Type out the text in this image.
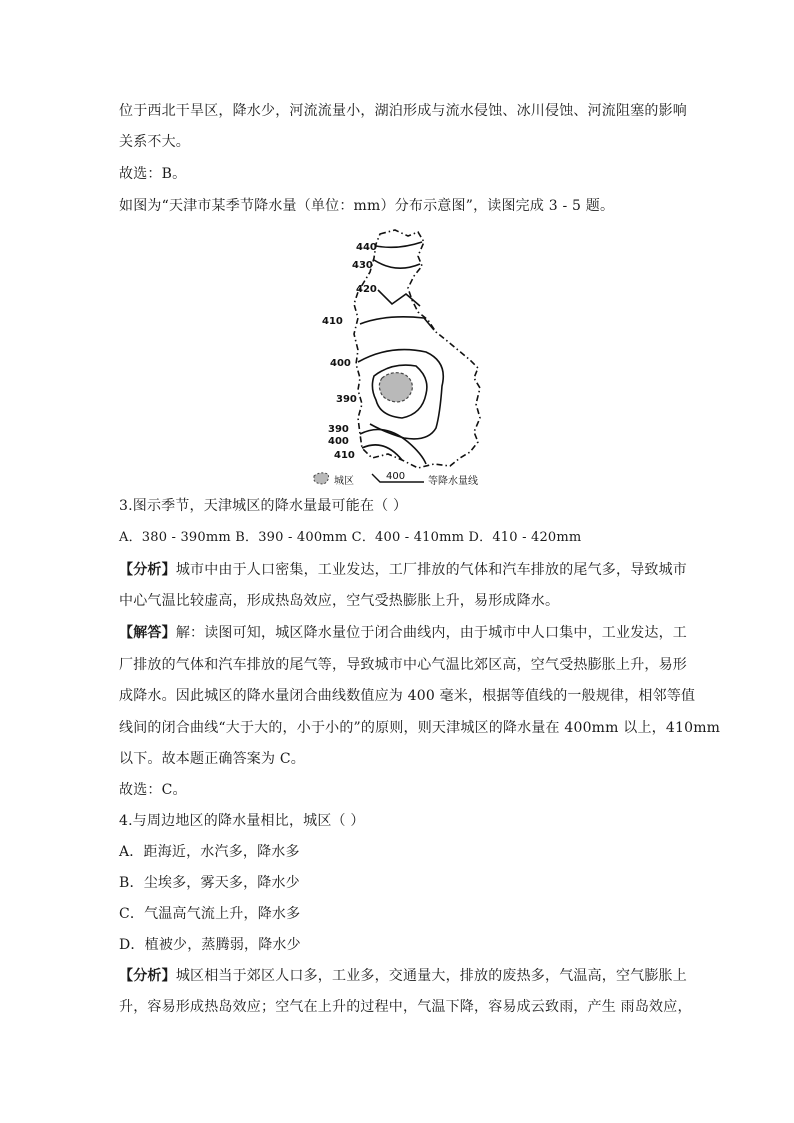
位于西北干旱区，降水少，河流流量小，湖泊形成与流水侵蚀、冰川侵蚀、河流阻塞的影响
关系不大。
故选：B。
如图为“天津市某季节降水量（单位：mm）分布示意图”，读图完成 3 - 5 题。
440
430
420
410
400
390
390
400
410
城区	400 等降水量线
3.图示季节，天津城区的降水量最可能在（ ）
A．380 - 390mm B．390 - 400mm C．400 - 410mm D．410 - 420mm
【分析】城市中由于人口密集，工业发达，工厂排放的气体和汽车排放的尾气多，导致城市
中心气温比较虚高，形成热岛效应，空气受热膨胀上升，易形成降水。
【解答】解：读图可知，城区降水量位于闭合曲线内，由于城市中人口集中，工业发达，工
厂排放的气体和汽车排放的尾气等，导致城市中心气温比郊区高，空气受热膨胀上升，易形
成降水。因此城区的降水量闭合曲线数值应为 400 毫米，根据等值线的一般规律，相邻等值
线间的闭合曲线“大于大的，小于小的”的原则，则天津城区的降水量在 400mm 以上，410mm
以下。故本题正确答案为 C。
故选：C。
4.与周边地区的降水量相比，城区（ ）
A．距海近，水汽多，降水多
B．尘埃多，雾天多，降水少
C．气温高气流上升，降水多
D．植被少，蒸腾弱，降水少
【分析】城区相当于郊区人口多，工业多，交通量大，排放的废热多，气温高，空气膨胀上
升，容易形成热岛效应；空气在上升的过程中，气温下降，容易成云致雨，产生 雨岛效应，
